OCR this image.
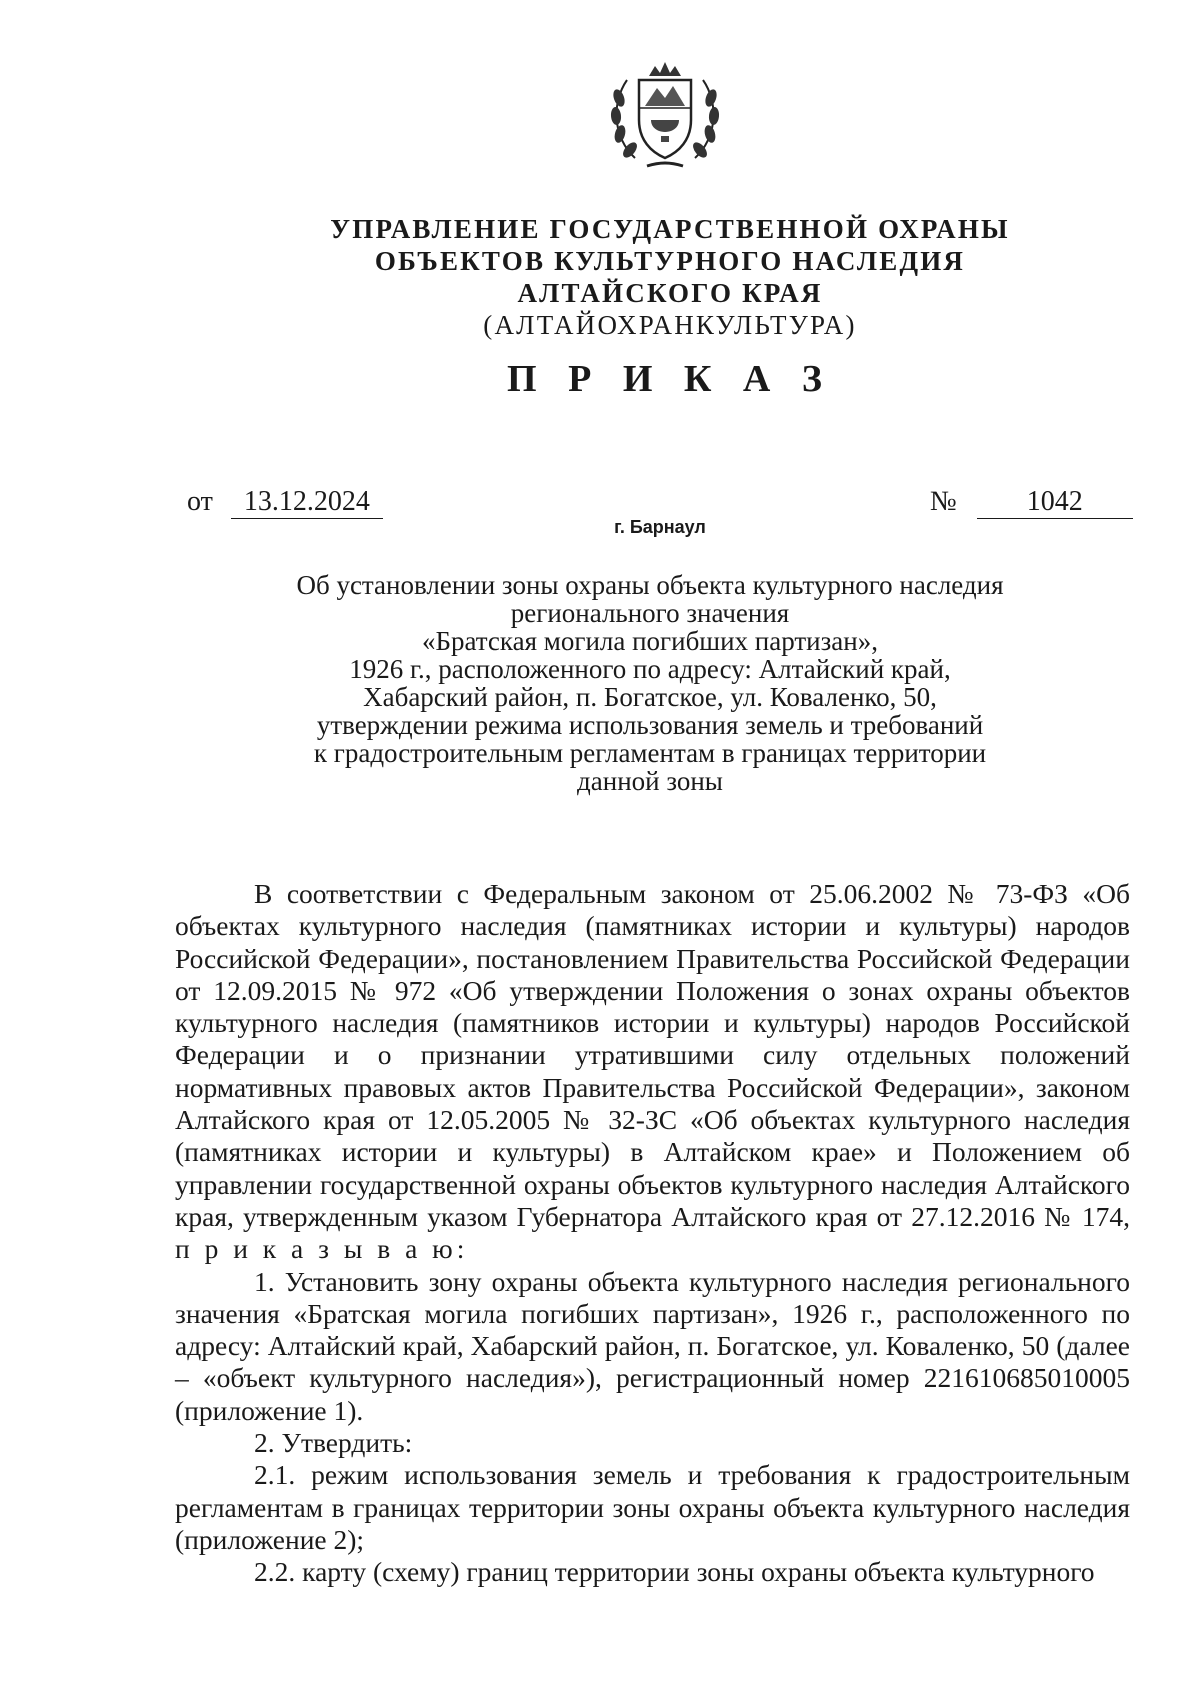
УПРАВЛЕНИЕ ГОСУДАРСТВЕННОЙ ОХРАНЫ
ОБЪЕКТОВ КУЛЬТУРНОГО НАСЛЕДИЯ
АЛТАЙСКОГО КРАЯ
(АЛТАЙОХРАНКУЛЬТУРА)
П Р И К А З
от 13.12.2024	№	1042
г. Барнаул
Об установлении зоны охраны объекта культурного наследия
регионального значения
«Братская могила погибших партизан»,
1926 г., расположенного по адресу: Алтайский край,
Хабарский район, п. Богатское, ул. Коваленко, 50,
утверждении режима использования земель и требований
к градостроительным регламентам в границах территории
данной зоны

В соответствии с Федеральным законом от 25.06.2002 № 73-ФЗ «Об объектах культурного наследия (памятниках истории и культуры) народов Российской Федерации», постановлением Правительства Российской Федерации от 12.09.2015 № 972 «Об утверждении Положения о зонах охраны объектов культурного наследия (памятников истории и культуры) народов Российской Федерации и о признании утратившими силу отдельных положений нормативных правовых актов Правительства Российской Федерации», законом Алтайского края от 12.05.2005 № 32-ЗС «Об объектах культурного наследия (памятниках истории и культуры) в Алтайском крае» и Положением об управлении государственной охраны объектов культурного наследия Алтайского края, утвержденным указом Губернатора Алтайского края от 27.12.2016 № 174, п р и к а з ы в а ю:

1. Установить зону охраны объекта культурного наследия регионального значения «Братская могила погибших партизан», 1926 г., расположенного по адресу: Алтайский край, Хабарский район, п. Богатское, ул. Коваленко, 50 (далее – «объект культурного наследия»), регистрационный номер 221610685010005 (приложение 1).

2. Утвердить:

2.1. режим использования земель и требования к градостроительным регламентам в границах территории зоны охраны объекта культурного наследия (приложение 2);

2.2. карту (схему) границ территории зоны охраны объекта культурного
